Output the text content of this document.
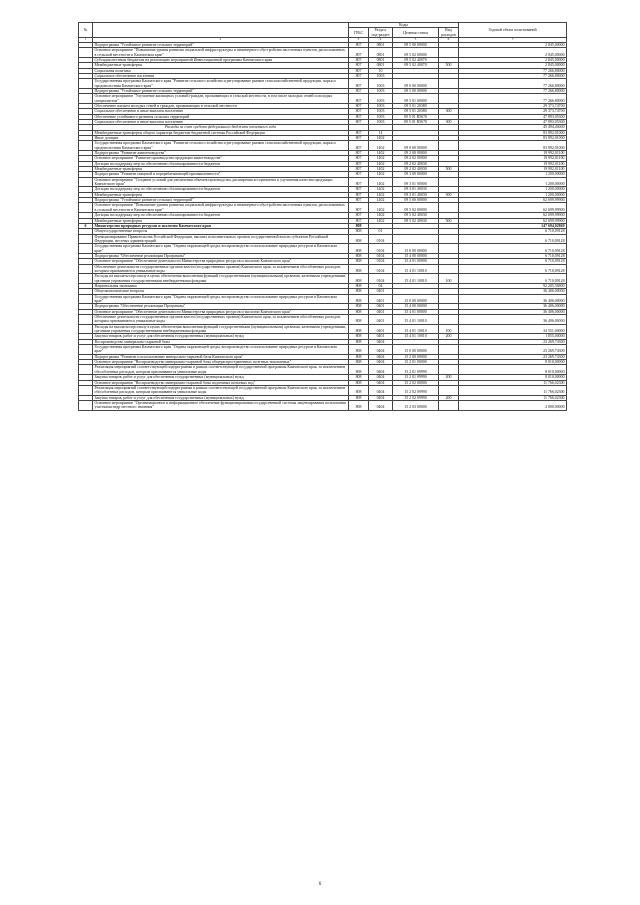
№		Коды				Годовой объем ассигнований
		ГРБС	Раздел, под-раздел	Целевая статья	Вид расходов	
1	2	3	4	5	6	7
	Подпрограмма "Устойчивое развитие сельских территорий"	807	0801	09 5 00 00000		2 845,00000
	Основное мероприятие "Повышение уровня развития социальной инфраструктуры и инженерного обустройства населенных пунктов, расположенных в сельской местности в Камчатском крае"	807	0801	09 5 02 00000		2 845,00000
	Субсидия местным бюджетам на реализацию мероприятий Инвестиционной программы Камчатского края	807	0801	09 5 02 40070		2 845,00000
	Межбюджетные трансферты	807	0801	09 5 02 40070	500	2 845,00000
	Социальная политика	807	10			77 266,80000
	Социальное обеспечение населения	807	1003			77 266,80000
	Государственная программа Камчатского края "Развитие сельского хозяйства и регулирование рынков сельскохозяйственной продукции, сырья и продовольствия Камчатского края"	807	1003	09 0 00 00000		77 266,80000
	Подпрограмма "Устойчивое развитие сельских территорий"	807	1003	09 5 00 00000		77 266,80000
	Основное мероприятие "Улучшение жилищных условий граждан, проживающих в сельской местности, в том числе молодых семей и молодых специалистов"	807	1003	09 5 01 00000		77 266,80000
	Обеспечение жильем молодых семей и граждан, проживающих в сельской местности	807	1003	09 5 01 20380		29 373,74700
	Социальное обеспечение и иные выплаты населению	807	1003	09 5 01 20380	300	29 373,74700
	Обеспечение устойчивого развития сельских территорий	807	1003	09 5 01 R5670		47 893,05300
	Социальное обеспечение и иные выплаты населению	807	1003	09 5 01 R5670	300	47 893,05300
	Расходы за счет средств федерального бюджета отчетного года					45 494,40000
	Межбюджетные трансферты общего характера бюджетам бюджетной системы Российской Федерации	807	14			83 892,01000
	Иные дотации	807	1402			83 892,01000
	Государственная программа Камчатского края "Развитие сельского хозяйства и регулирование рынков сельскохозяйственной продукции, сырья и продовольствия Камчатского края"	807	1402	09 0 00 00000		83 892,01000
	Подпрограмма "Развитие животноводства"	807	1402	09 2 00 00000		19 992,01100
	Основное мероприятие "Развитие производства продукции животноводства"	807	1402	09 2 02 00000		19 992,01100
	Дотации на поддержку мер по обеспечению сбалансированности бюджетов	807	1402	09 2 02 40030		19 992,01100
	Межбюджетные трансферты	807	1402	09 2 02 40030	500	19 992,01100
	Подпрограмма "Развитие пищевой и перерабатывающей промышленности"	807	1402	09 3 00 00000		1 200,00000
	Основное мероприятие "Создание условий для увеличения объемов производства, расширения ассортимента и улучшения качества продукции Камчатского края"	807	1402	09 3 01 00000		1 200,00000
	Дотации на поддержку мер по обеспечению сбалансированности бюджетов	807	1402	09 3 01 40030		1 200,00000
	Межбюджетные трансферты	807	1402	09 3 01 40030	500	1 200,00000
	Подпрограмма "Устойчивое развитие сельских территорий"	807	1402	09 5 00 00000		62 699,99900
	Основное мероприятие "Повышение уровня развития социальной инфраструктуры и инженерного обустройства населенных пунктов, расположенных в сельской местности в Камчатском крае"	807	1402	09 5 02 00000		62 699,99900
	Дотации на поддержку мер по обеспечению сбалансированности бюджетов	807	1402	09 5 02 40030		62 699,99900
	Межбюджетные трансферты	807	1402	09 5 02 40030	500	62 699,99900
6	Министерство природных ресурсов и экологии Камчатского края	808				147 694,02869
	Общегосударственные вопросы	808	01			6 710,09128
	Функционирование Правительства Российской Федерации, высших исполнительных органов государственной власти субъектов Российской Федерации, местных администраций	808	0104			6 710,09128
	Государственная программа Камчатского края "Охрана окружающей среды, воспроизводство и использование природных ресурсов в Камчатском крае"	808	0104	15 0 00 00000		6 710,09128
	Подпрограмма "Обеспечение реализации Программы"	808	0104	15 4 00 00000		6 710,09128
	Основное мероприятие "Обеспечение деятельности Министерства природных ресурсов и экологии Камчатского края"	808	0104	15 4 01 00000		6 710,09128
	Обеспечение деятельности государственных органов власти (государственных органов) Камчатского края, за исключением обособленных расходов, которым присваиваются уникальные коды	808	0104	15 4 01 10010		6 710,09128
	Расходы на выплаты персоналу в целях обеспечения выполнения функций государственными (муниципальными) органами, казенными учреждениями, органами управления государственными внебюджетными фондами	808	0104	15 4 01 10010	100	6 710,09128
	Национальная экономика	808	04			92 205,56800
	Общеэкономические вопросы	808	0401			36 406,00000
	Государственная программа Камчатского края "Охрана окружающей среды, воспроизводство и использование природных ресурсов в Камчатском крае"	808	0401	15 0 00 00000		36 406,00000
	Подпрограмма "Обеспечение реализации Программы"	808	0401	15 4 00 00000		36 406,00000
	Основное мероприятие "Обеспечение деятельности Министерства природных ресурсов и экологии Камчатского края"	808	0401	15 4 01 00000		36 406,00000
	Обеспечение деятельности государственных органов власти (государственных органов) Камчатского края, за исключением обособленных расходов, которым присваиваются уникальные коды	808	0401	15 4 01 10010		36 406,00000
	Расходы на выплаты персоналу в целях обеспечения выполнения функций государственными (муниципальными) органами, казенными учреждениями, органами управления государственными внебюджетными фондами	808	0401	15 4 01 10010	100	34 551,00000
	Закупка товаров, работ и услуг для обеспечения государственных (муниципальных) нужд	808	0401	15 4 01 10010	200	1 855,00000
	Воспроизводство минерально-сырьевой базы	808	0404			23 269,74300
	Государственная программа Камчатского края "Охрана окружающей среды, воспроизводство и использование природных ресурсов в Камчатском крае"	808	0404	15 0 00 00000		23 269,74300
	Подпрограмма "Развитие и использование минерально-сырьевой базы Камчатского края"	808	0404	15 2 00 00000		23 269,74300
	Основное мероприятие "Воспроизводство минерально-сырьевой базы общераспространенных полезных ископаемых"	808	0404	15 2 01 00000		8 010,00000
	Реализация мероприятий соответствующей подпрограммы в рамках соответствующей государственной программы Камчатского края, за исключением обособленных расходов, которым присваиваются уникальные коды	808	0404	15 2 01 09990		8 010,00000
	Закупка товаров, работ и услуг для обеспечения государственных (муниципальных) нужд	808	0404	15 2 01 09990	200	8 010,00000
	Основное мероприятие "Воспроизводство минерально-сырьевой базы подземных питьевых вод"	808	0404	15 2 02 00000		11 766,02300
	Реализация мероприятий соответствующей подпрограммы в рамках соответствующей государственной программы Камчатского края, за исключением обособленных расходов, которым присваиваются уникальные коды	808	0404	15 2 02 09990		11 766,02300
	Закупка товаров, работ и услуг для обеспечения государственных (муниципальных) нужд	808	0404	15 2 02 09990	200	11 766,02300
	Основное мероприятие "Организационное и информационное обеспечение функционирования государственной системы лицензирования пользования участками недр местного значения"	808	0404	15 2 03 00000		2 000,00000
6
